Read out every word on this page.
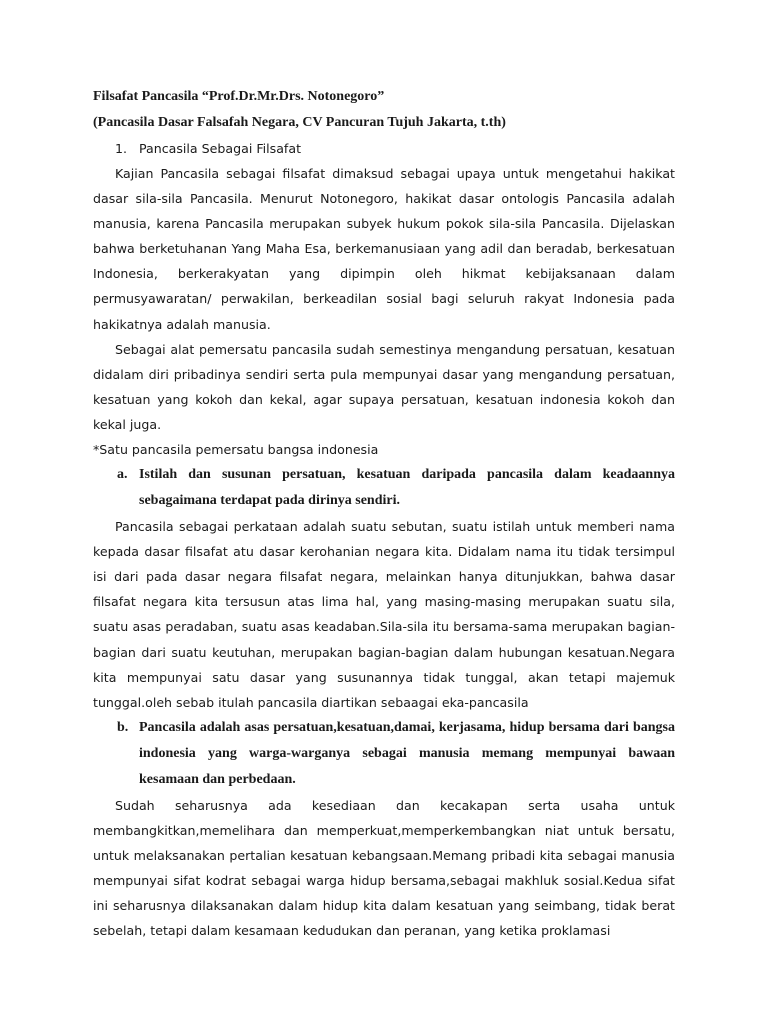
Filsafat Pancasila “Prof.Dr.Mr.Drs. Notonegoro”
(Pancasila Dasar Falsafah Negara, CV Pancuran Tujuh Jakarta, t.th)
1. Pancasila Sebagai Filsafat

Kajian Pancasila sebagai filsafat dimaksud sebagai upaya untuk mengetahui hakikat dasar sila-sila Pancasila. Menurut Notonegoro, hakikat dasar ontologis Pancasila adalah manusia, karena Pancasila merupakan subyek hukum pokok sila-sila Pancasila. Dijelaskan bahwa berketuhanan Yang Maha Esa, berkemanusiaan yang adil dan beradab, berkesatuan Indonesia, berkerakyatan yang dipimpin oleh hikmat kebijaksanaan dalam permusyawaratan/ perwakilan, berkeadilan sosial bagi seluruh rakyat Indonesia pada hakikatnya adalah manusia.

Sebagai alat pemersatu pancasila sudah semestinya mengandung persatuan, kesatuan didalam diri pribadinya sendiri serta pula mempunyai dasar yang mengandung persatuan, kesatuan yang kokoh dan kekal, agar supaya persatuan, kesatuan indonesia kokoh dan kekal juga.

*Satu pancasila pemersatu bangsa indonesia

a. Istilah dan susunan persatuan, kesatuan daripada pancasila dalam keadaannya sebagaimana terdapat pada dirinya sendiri.

Pancasila sebagai perkataan adalah suatu sebutan, suatu istilah untuk memberi nama kepada dasar filsafat atu dasar kerohanian negara kita. Didalam nama itu tidak tersimpul isi dari pada dasar negara filsafat negara, melainkan hanya ditunjukkan, bahwa dasar filsafat negara kita tersusun atas lima hal, yang masing-masing merupakan suatu sila, suatu asas peradaban, suatu asas keadaban.Sila-sila itu bersama-sama merupakan bagian-bagian dari suatu keutuhan, merupakan bagian-bagian dalam hubungan kesatuan.Negara kita mempunyai satu dasar yang susunannya tidak tunggal, akan tetapi majemuk tunggal.oleh sebab itulah pancasila diartikan sebaagai eka-pancasila

b. Pancasila adalah asas persatuan,kesatuan,damai, kerjasama, hidup bersama dari bangsa indonesia yang warga-warganya sebagai manusia memang mempunyai bawaan kesamaan dan perbedaan.

Sudah seharusnya ada kesediaan dan kecakapan serta usaha untuk membangkitkan,memelihara dan memperkuat,memperkembangkan niat untuk bersatu, untuk melaksanakan pertalian kesatuan kebangsaan.Memang pribadi kita sebagai manusia mempunyai sifat kodrat sebagai warga hidup bersama,sebagai makhluk sosial.Kedua sifat ini seharusnya dilaksanakan dalam hidup kita dalam kesatuan yang seimbang, tidak berat sebelah, tetapi dalam kesamaan kedudukan dan peranan, yang ketika proklamasi
